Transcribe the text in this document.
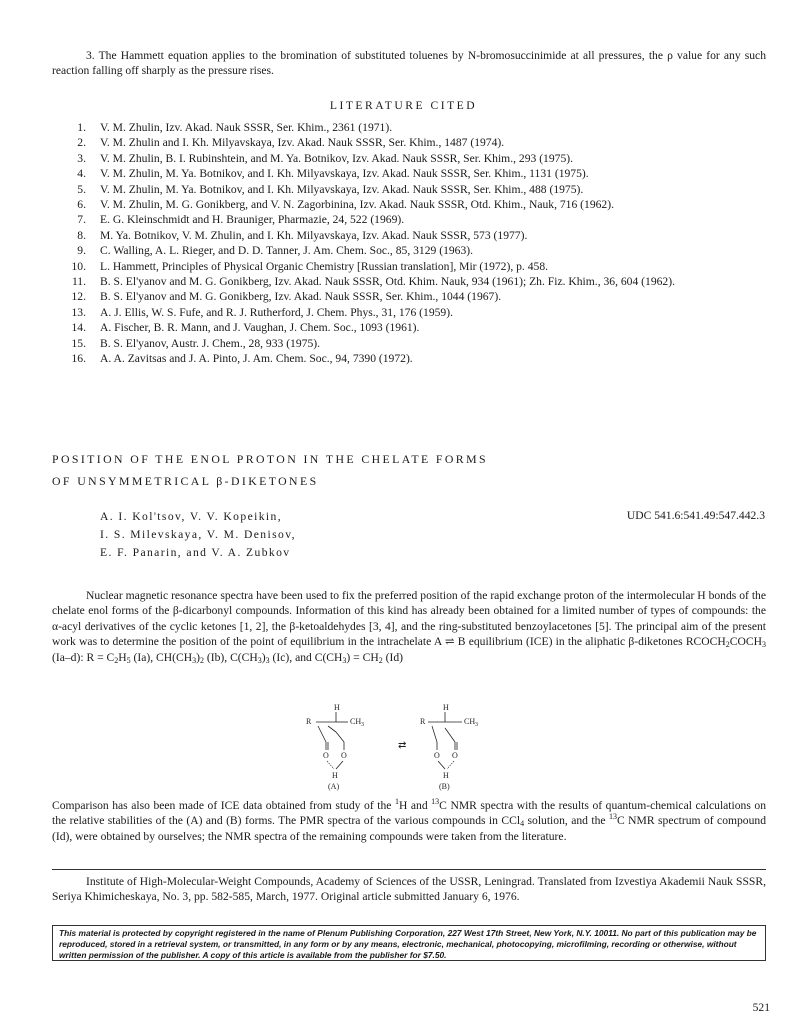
3. The Hammett equation applies to the bromination of substituted toluenes by N-bromosuccinimide at all pressures, the ρ value for any such reaction falling off sharply as the pressure rises.

LITERATURE CITED
1.	V. M. Zhulin, Izv. Akad. Nauk SSSR, Ser. Khim., 2361 (1971).
2.	V. M. Zhulin and I. Kh. Milyavskaya, Izv. Akad. Nauk SSSR, Ser. Khim., 1487 (1974).
3.	V. M. Zhulin, B. I. Rubinshtein, and M. Ya. Botnikov, Izv. Akad. Nauk SSSR, Ser. Khim., 293 (1975).
4.	V. M. Zhulin, M. Ya. Botnikov, and I. Kh. Milyavskaya, Izv. Akad. Nauk SSSR, Ser. Khim., 1131 (1975).
5.	V. M. Zhulin, M. Ya. Botnikov, and I. Kh. Milyavskaya, Izv. Akad. Nauk SSSR, Ser. Khim., 488 (1975).
6.	V. M. Zhulin, M. G. Gonikberg, and V. N. Zagorbinina, Izv. Akad. Nauk SSSR, Otd. Khim., Nauk, 716 (1962).
7.	E. G. Kleinschmidt and H. Brauniger, Pharmazie, 24, 522 (1969).
8.	M. Ya. Botnikov, V. M. Zhulin, and I. Kh. Milyavskaya, Izv. Akad. Nauk SSSR, 573 (1977).
9.	C. Walling, A. L. Rieger, and D. D. Tanner, J. Am. Chem. Soc., 85, 3129 (1963).
10.	L. Hammett, Principles of Physical Organic Chemistry [Russian translation], Mir (1972), p. 458.
11.	B. S. El'yanov and M. G. Gonikberg, Izv. Akad. Nauk SSSR, Otd. Khim. Nauk, 934 (1961); Zh. Fiz. Khim., 36, 604 (1962).
12.	B. S. El'yanov and M. G. Gonikberg, Izv. Akad. Nauk SSSR, Ser. Khim., 1044 (1967).
13.	A. J. Ellis, W. S. Fufe, and R. J. Rutherford, J. Chem. Phys., 31, 176 (1959).
14.	A. Fischer, B. R. Mann, and J. Vaughan, J. Chem. Soc., 1093 (1961).
15.	B. S. El'yanov, Austr. J. Chem., 28, 933 (1975).
16.	A. A. Zavitsas and J. A. Pinto, J. Am. Chem. Soc., 94, 7390 (1972).
POSITION OF THE ENOL PROTON IN THE CHELATE FORMS
OF UNSYMMETRICAL β-DIKETONES
A. I. Kol'tsov, V. V. Kopeikin,
I. S. Milevskaya, V. M. Denisov,
E. F. Panarin, and V. A. Zubkov
UDC 541.6:541.49:547.442.3

Nuclear magnetic resonance spectra have been used to fix the preferred position of the rapid exchange proton of the intermolecular H bonds of the chelate enol forms of the β-dicarbonyl compounds. Information of this kind has already been obtained for a limited number of types of compounds: the α-acyl derivatives of the cyclic ketones [1, 2], the β-ketoaldehydes [3, 4], and the ring-substituted benzoylacetones [5]. The principal aim of the present work was to determine the position of the point of equilibrium in the intrachelate A ⇌ B equilibrium (ICE) in the aliphatic β-diketones $RCOCH_2COCH_3$ (Ia–d): $R = C_2H_5$ (Ia), $CH(CH_3)_2$ (Ib), $C(CH_3)_3$ (Ic), and $C(CH_3) = CH_2$ (Id)

H
R	CH 3
O O
H
(A)
⇄
H
R	CH 3
O O
H
(B)

Comparison has also been made of ICE data obtained from study of the $^1$H and $^{13}$C NMR spectra with the results of quantum-chemical calculations on the relative stabilities of the (A) and (B) forms. The PMR spectra of the various compounds in CCl$_4$ solution, and the $^{13}$C NMR spectrum of compound (Id), were obtained by ourselves; the NMR spectra of the remaining compounds were taken from the literature.

Institute of High-Molecular-Weight Compounds, Academy of Sciences of the USSR, Leningrad. Translated from Izvestiya Akademii Nauk SSSR, Seriya Khimicheskaya, No. 3, pp. 582-585, March, 1977. Original article submitted January 6, 1976.

This material is protected by copyright registered in the name of Plenum Publishing Corporation, 227 West 17th Street, New York, N.Y. 10011. No part of this publication may be reproduced, stored in a retrieval system, or transmitted, in any form or by any means, electronic, mechanical, photocopying, microfilming, recording or otherwise, without written permission of the publisher. A copy of this article is available from the publisher for $7.50.
521
